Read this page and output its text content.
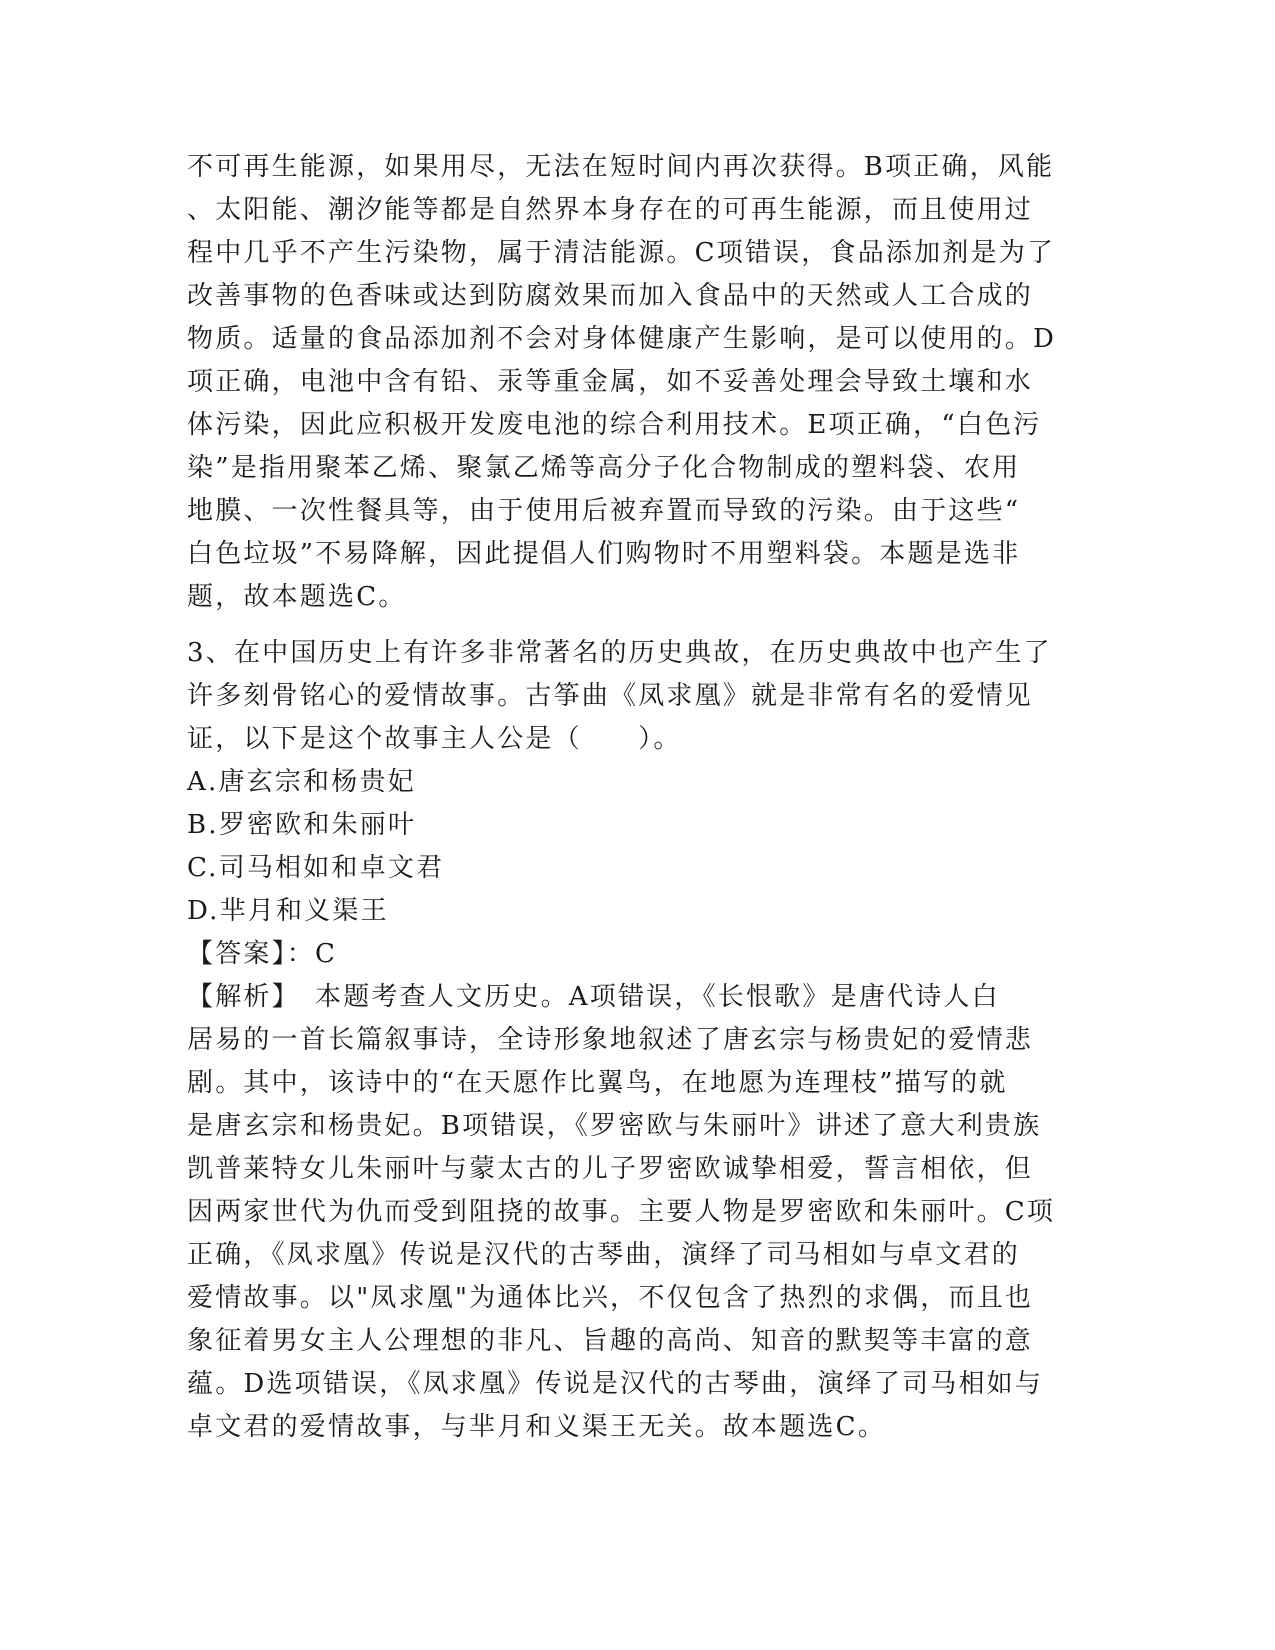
不可再生能源，如果用尽，无法在短时间内再次获得。B项正确，风能
、太阳能、潮汐能等都是自然界本身存在的可再生能源，而且使用过
程中几乎不产生污染物，属于清洁能源。C项错误，食品添加剂是为了
改善事物的色香味或达到防腐效果而加入食品中的天然或人工合成的
物质。适量的食品添加剂不会对身体健康产生影响，是可以使用的。D
项正确，电池中含有铅、汞等重金属，如不妥善处理会导致土壤和水
体污染，因此应积极开发废电池的综合利用技术。E项正确，“白色污
染”是指用聚苯乙烯、聚氯乙烯等高分子化合物制成的塑料袋、农用
地膜、一次性餐具等，由于使用后被弃置而导致的污染。由于这些“
白色垃圾”不易降解，因此提倡人们购物时不用塑料袋。本题是选非
题，故本题选C。
3、在中国历史上有许多非常著名的历史典故，在历史典故中也产生了
许多刻骨铭心的爱情故事。古筝曲《凤求凰》就是非常有名的爱情见
证，以下是这个故事主人公是（　　）。
A.唐玄宗和杨贵妃
B.罗密欧和朱丽叶
C.司马相如和卓文君
D.芈月和义渠王
【答案】：C
【解析】　本题考查人文历史。A项错误，《长恨歌》是唐代诗人白
居易的一首长篇叙事诗，全诗形象地叙述了唐玄宗与杨贵妃的爱情悲
剧。其中，该诗中的“在天愿作比翼鸟，在地愿为连理枝”描写的就
是唐玄宗和杨贵妃。B项错误，《罗密欧与朱丽叶》讲述了意大利贵族
凯普莱特女儿朱丽叶与蒙太古的儿子罗密欧诚挚相爱，誓言相依，但
因两家世代为仇而受到阻挠的故事。主要人物是罗密欧和朱丽叶。C项
正确，《凤求凰》传说是汉代的古琴曲，演绎了司马相如与卓文君的
爱情故事。以"凤求凰"为通体比兴，不仅包含了热烈的求偶，而且也
象征着男女主人公理想的非凡、旨趣的高尚、知音的默契等丰富的意
蕴。D选项错误，《凤求凰》传说是汉代的古琴曲，演绎了司马相如与
卓文君的爱情故事，与芈月和义渠王无关。故本题选C。
